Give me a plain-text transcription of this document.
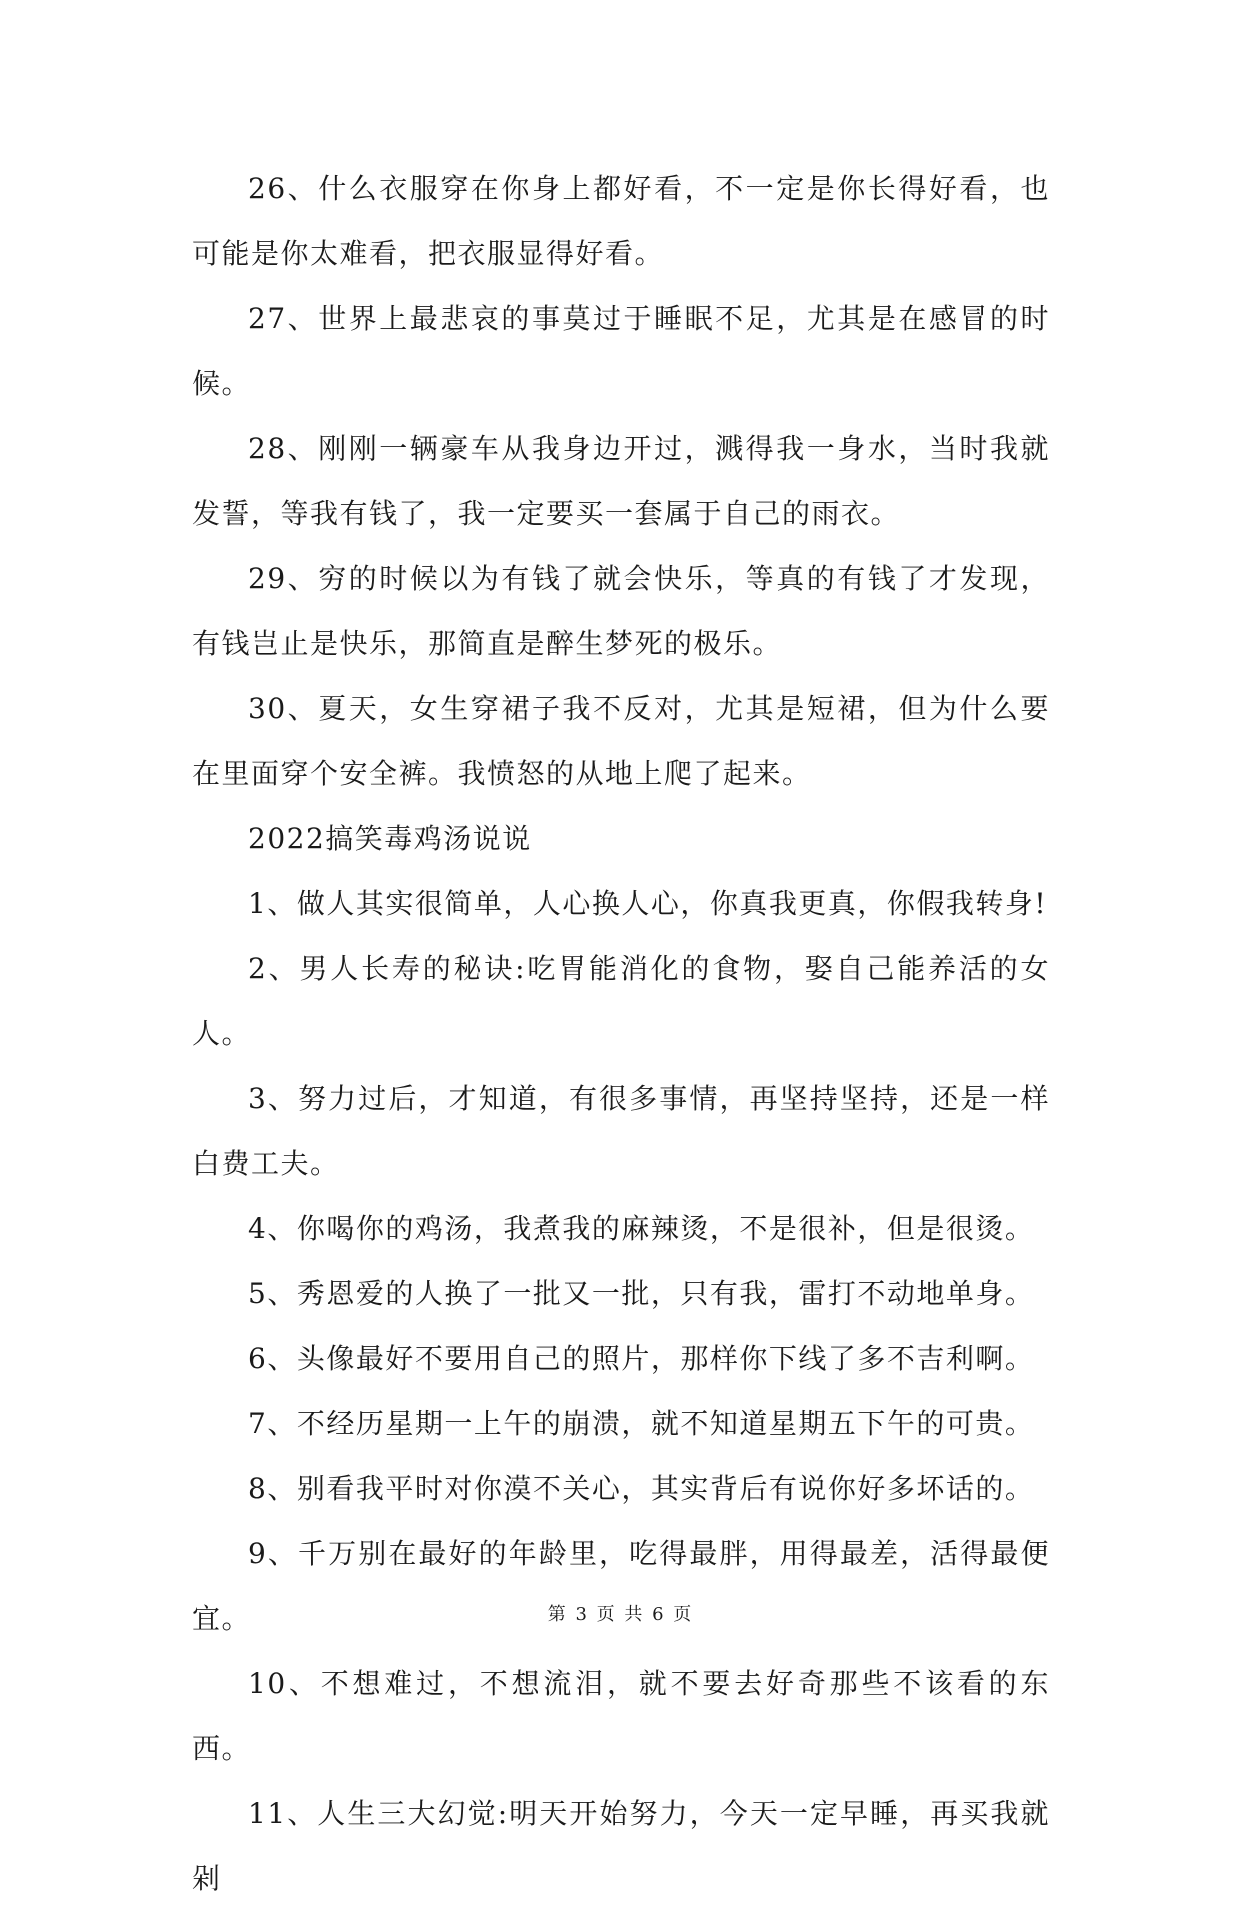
26、什么衣服穿在你身上都好看，不一定是你长得好看，也可能是你太难看，把衣服显得好看。

27、世界上最悲哀的事莫过于睡眠不足，尤其是在感冒的时候。

28、刚刚一辆豪车从我身边开过，溅得我一身水，当时我就发誓，等我有钱了，我一定要买一套属于自己的雨衣。

29、穷的时候以为有钱了就会快乐，等真的有钱了才发现，有钱岂止是快乐，那简直是醉生梦死的极乐。

30、夏天，女生穿裙子我不反对，尤其是短裙，但为什么要在里面穿个安全裤。我愤怒的从地上爬了起来。

2022搞笑毒鸡汤说说

1、做人其实很简单，人心换人心，你真我更真，你假我转身!

2、男人长寿的秘诀:吃胃能消化的食物，娶自己能养活的女人。

3、努力过后，才知道，有很多事情，再坚持坚持，还是一样白费工夫。

4、你喝你的鸡汤，我煮我的麻辣烫，不是很补，但是很烫。

5、秀恩爱的人换了一批又一批，只有我，雷打不动地单身。

6、头像最好不要用自己的照片，那样你下线了多不吉利啊。

7、不经历星期一上午的崩溃，就不知道星期五下午的可贵。

8、别看我平时对你漠不关心，其实背后有说你好多坏话的。

9、千万别在最好的年龄里，吃得最胖，用得最差，活得最便宜。

10、不想难过，不想流泪，就不要去好奇那些不该看的东西。

11、人生三大幻觉:明天开始努力，今天一定早睡，再买我就剁

第 3 页 共 6 页
